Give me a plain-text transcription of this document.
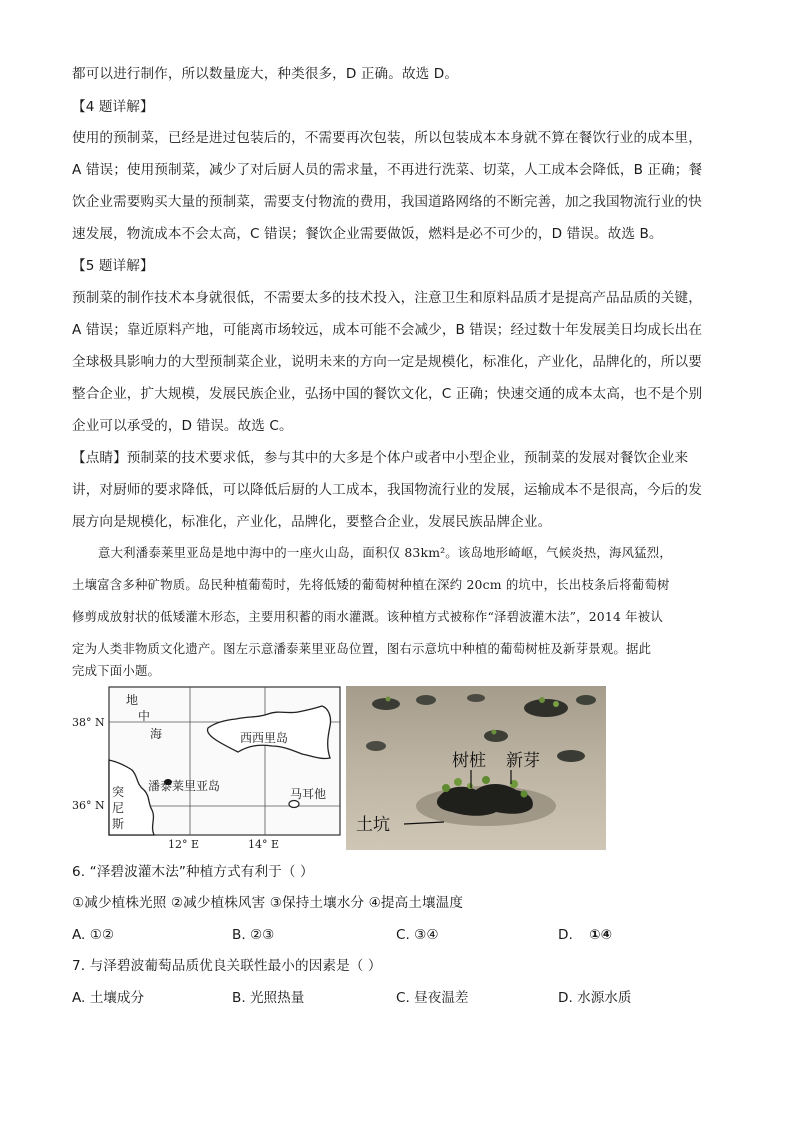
都可以进行制作，所以数量庞大，种类很多，D 正确。故选 D。
【4 题详解】
使用的预制菜，已经是进过包装后的，不需要再次包装，所以包装成本本身就不算在餐饮行业的成本里，
A 错误；使用预制菜，减少了对后厨人员的需求量，不再进行洗菜、切菜，人工成本会降低，B 正确；餐
饮企业需要购买大量的预制菜，需要支付物流的费用，我国道路网络的不断完善，加之我国物流行业的快
速发展，物流成本不会太高，C 错误；餐饮企业需要做饭，燃料是必不可少的，D 错误。故选 B。
【5 题详解】
预制菜的制作技术本身就很低，不需要太多的技术投入，注意卫生和原料品质才是提高产品品质的关键，
A 错误；靠近原料产地，可能离市场较远，成本可能不会减少，B 错误；经过数十年发展美日均成长出在
全球极具影响力的大型预制菜企业，说明未来的方向一定是规模化，标准化，产业化，品牌化的，所以要
整合企业，扩大规模，发展民族企业，弘扬中国的餐饮文化，C 正确；快速交通的成本太高，也不是个别
企业可以承受的，D 错误。故选 C。
【点睛】预制菜的技术要求低，参与其中的大多是个体户或者中小型企业，预制菜的发展对餐饮企业来
讲，对厨师的要求降低，可以降低后厨的人工成本，我国物流行业的发展，运输成本不是很高，今后的发
展方向是规模化，标准化，产业化，品牌化，要整合企业，发展民族品牌企业。
意大利潘泰莱里亚岛是地中海中的一座火山岛，面积仅 83km²。该岛地形崎岖，气候炎热，海风猛烈，
土壤富含多种矿物质。岛民种植葡萄时，先将低矮的葡萄树种植在深约 20cm 的坑中，长出枝条后将葡萄树
修剪成放射状的低矮灌木形态，主要用积蓄的雨水灌溉。该种植方式被称作“泽碧波灌木法”，2014 年被认
定为人类非物质文化遗产。图左示意潘泰莱里亚岛位置，图右示意坑中种植的葡萄树桩及新芽景观。据此
完成下面小题。
地
中
海	西西里岛
潘泰莱里亚岛
突
尼
斯
马耳他
12° E	14° E
38° N
36° N
树桩 新芽
土坑
6. “泽碧波灌木法”种植方式有利于（ ）
①减少植株光照 ②减少植株风害 ③保持土壤水分 ④提高土壤温度
A. ①②	B. ②③	C. ③④	D. ①④
7. 与泽碧波葡萄品质优良关联性最小的因素是（ ）
A. 土壤成分	B. 光照热量	C. 昼夜温差	D. 水源水质
